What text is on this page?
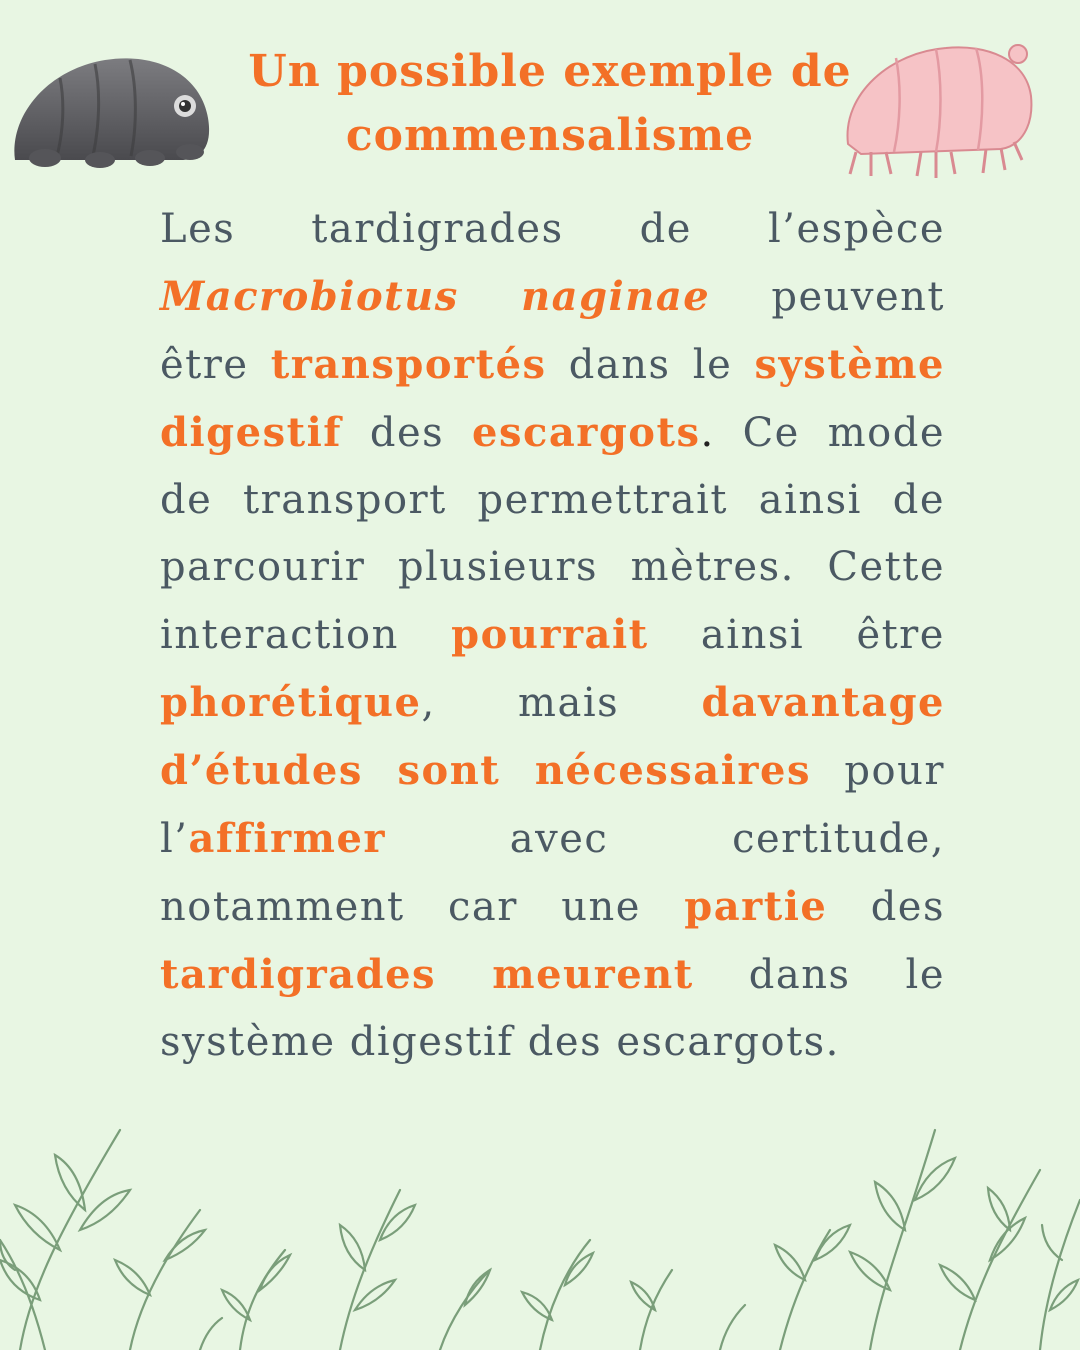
Un possible exemple de
commensalisme

Les tardigrades de l’espèce Macrobiotus naginae peuvent être transportés dans le système digestif des escargots. Ce mode de transport permettrait ainsi de parcourir plusieurs mètres. Cette interaction pourrait ainsi être phorétique, mais davantage d’études sont nécessaires pour l’affirmer avec certitude, notamment car une partie des tardigrades meurent dans le système digestif des escargots.
